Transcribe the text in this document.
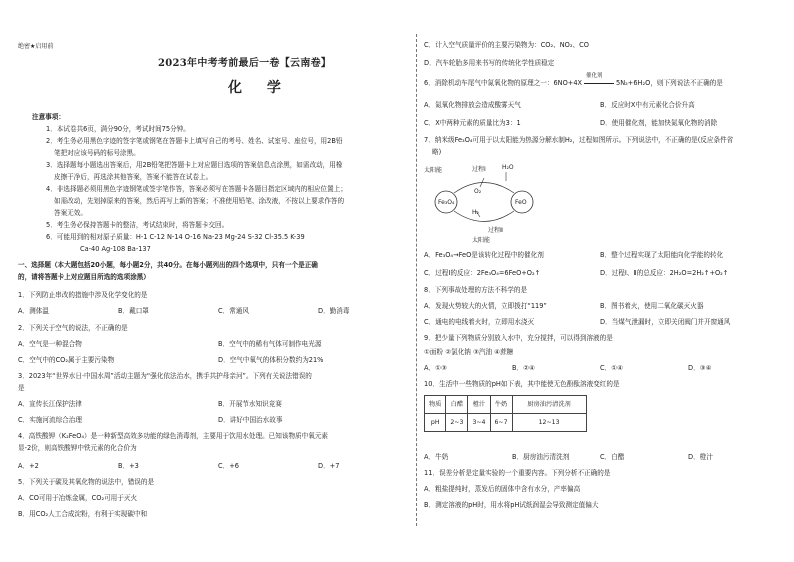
绝密★启用前
2023年中考考前最后一卷【云南卷】
化 学
注意事项：
1．本试卷共6页，满分90分，考试时间75分钟。
2．考生务必用黑色字迹的签字笔或钢笔在答题卡上填写自己的考号、姓名、试室号、座位号，用2B铅
笔把对应该号码的标号涂黑。
3．选择题每小题选出答案后，用2B铅笔把答题卡上对应题目选项的答案信息点涂黑，如需改动，用橡
皮擦干净后，再选涂其他答案，答案不能答在试卷上。
4．非选择题必须用黑色字迹钢笔或签字笔作答，答案必须写在答题卡各题目指定区域内的相应位置上；
如需改动，先划掉原来的答案，然后再写上新的答案；不准使用铅笔、涂改液，不按以上要求作答的
答案无效。
5．考生务必保持答题卡的整洁，考试结束时，将答题卡交回。
6．可能用到的相对原子质量：H-1 C-12 N-14 O-16 Na-23 Mg-24 S-32 Cl-35.5 K-39
Ca-40 Ag-108 Ba-137
一、选择题（本大题包括20小题，每小题2分，共40分。在每小题列出的四个选项中，只有一个是正确
的，请将答题卡上对应题目所选的选项涂黑）
1．下列防止串改的措施中涉及化学变化的是
A．测体温	B．戴口罩	C．常通风	D．勤消毒
2．下列关于空气的说法，不正确的是
A．空气是一种混合物	B．空气中的稀有气体可制作电光源
C．空气中的CO₂属于主要污染物	D．空气中氧气的体积分数约为21%
3．2023年“世界水日·中国水周”活动主题为“强化依法治水，携手共护母亲河”。下列有关说法错误的
是
A．宣传长江保护法律	B．开展节水知识竞赛
C．实施河流综合治理	D．讲好中国治水故事
4．高铁酸钾（K₂FeO₄）是一种新型高效多功能的绿色消毒剂，主要用于饮用水处理。已知该物质中氧元素
显-2价，则高铁酸钾中铁元素的化合价为
A．+2	B．+3	C．+6	D．+7
5．下列关于碳及其氧化物的说法中，错误的是
A．CO可用于冶炼金属，CO₂可用于灭火
B．用CO₂人工合成淀粉，有利于实现碳中和
C．计入空气质量评价的主要污染物为：CO₂、NO₂、CO
D．汽车轮胎多用来书写的传统化学性质稳定
6．消除机动车尾气中氮氧化物的原理之一：6NO+4X
催化剂
5N₂+6H₂O，则下列说法不正确的是
A．氮氧化物排放会造成酸雾天气	B．反应时X中有元素化合价升高
C．X中两种元素的质量比为3：1	D．使用催化剂，能加快氮氧化物的消除
7．纳米级Fe₃O₄可用于以太阳能为热源分解水制H₂，过程如图所示。下列说法中，不正确的是(反应条件省
略)
Fe₃O₄	FeO
太阳能	过程Ⅰ
O₂
H₂O
H₂
过程Ⅱ
太阳能
A．Fe₃O₄→FeO是该转化过程中的催化剂	B．整个过程实现了太阳能向化学能的转化
C．过程Ⅰ的反应：2Fe₃O₄=6FeO+O₂↑	D．过程Ⅰ、Ⅱ的总反应：2H₂O=2H₂↑+O₂↑
8．下列事故处理的方法不科学的是
A．发现火势较大的火情，立即拨打“119”	B．图书着火，使用二氧化碳灭火器
C．通电的电线着火时，立即用水浇灭	D．当煤气泄漏时，立即关闭阀门并开窗通风
9．把少量下列物质分别放入水中，充分搅拌，可以得到溶液的是
①面粉 ②氯化钠 ③汽油 ④蔗糖
A．①③	B．②④	C．①④	D．③④
10．生活中一些物质的pH如下表，其中能使无色酚酞溶液变红的是
物质	白醋	橙汁	牛奶	厨房油污清洗剂
pH	2~3	3~4	6~7	12~13
A．牛奶	B．厨房油污清洗剂	C．白醋	D．橙汁
11．误差分析是定量实验的一个重要内容。下列分析不正确的是
A．粗盐提纯时，蒸发后的固体中含有水分，产率偏高
B．测定溶液的pH时，用水将pH试纸润湿会导致测定值偏大
